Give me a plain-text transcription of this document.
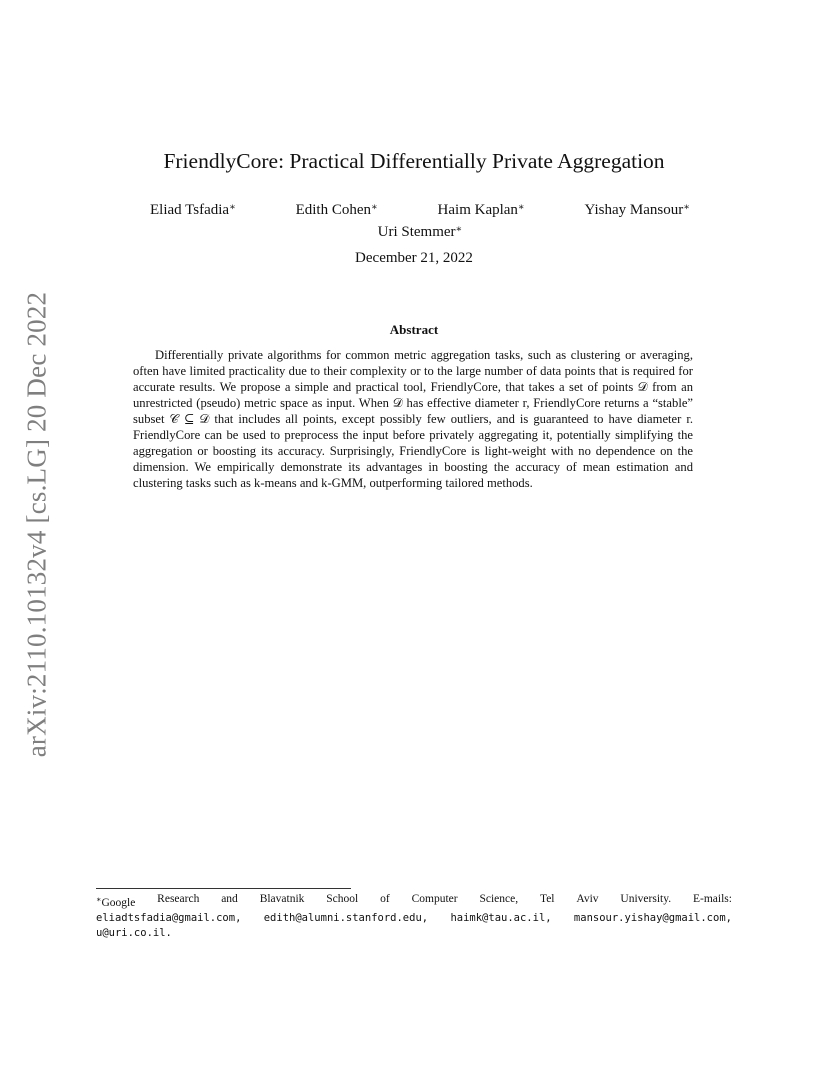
arXiv:2110.10132v4 [cs.LG] 20 Dec 2022
FriendlyCore: Practical Differentially Private Aggregation
Eliad Tsfadia∗	Edith Cohen∗	Haim Kaplan∗	Yishay Mansour∗
Uri Stemmer∗
December 21, 2022
Abstract
Differentially private algorithms for common metric aggregation tasks, such as clustering or averaging, often have limited practicality due to their complexity or to the large number of data points that is required for accurate results. We propose a simple and practical tool, FriendlyCore, that takes a set of points 𝒟 from an unrestricted (pseudo) metric space as input. When 𝒟 has effective diameter r, FriendlyCore returns a “stable” subset 𝒞 ⊆ 𝒟 that includes all points, except possibly few outliers, and is guaranteed to have diameter r. FriendlyCore can be used to preprocess the input before privately aggregating it, potentially simplifying the aggregation or boosting its accuracy. Surprisingly, FriendlyCore is light-weight with no dependence on the dimension. We empirically demonstrate its advantages in boosting the accuracy of mean estimation and clustering tasks such as k-means and k-GMM, outperforming tailored methods.
∗Google Research and Blavatnik School of Computer Science, Tel Aviv University. E-mails:
eliadtsfadia@gmail.com, edith@alumni.stanford.edu, haimk@tau.ac.il, mansour.yishay@gmail.com,
u@uri.co.il.
